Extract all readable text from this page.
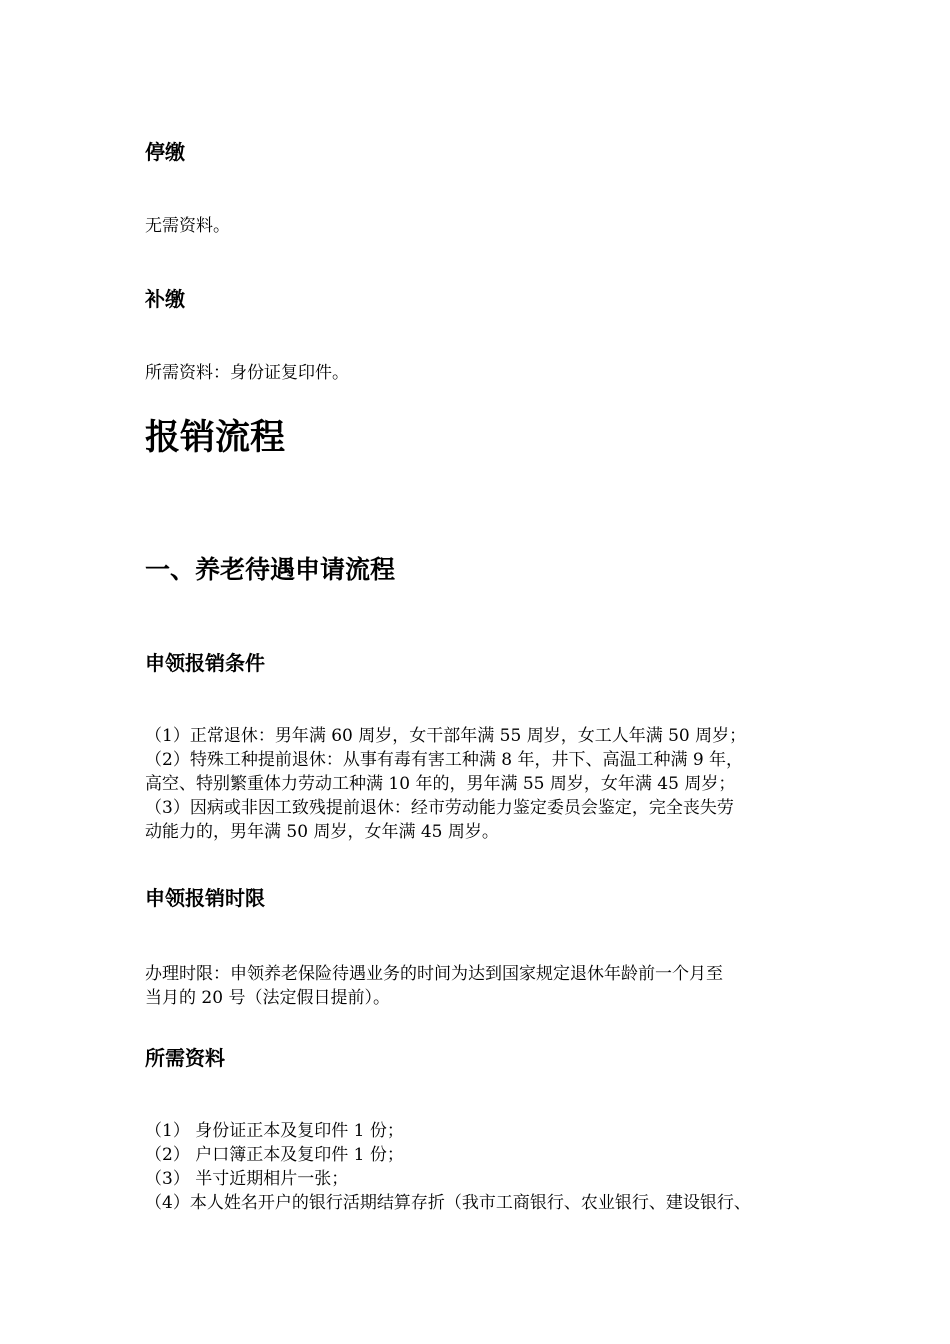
停缴

无需资料。

补缴

所需资料：身份证复印件。

报销流程
一、养老待遇申请流程
申领报销条件
（1）正常退休：男年满 60 周岁，女干部年满 55 周岁，女工人年满 50 周岁；
（2）特殊工种提前退休：从事有毒有害工种满 8 年，井下、高温工种满 9 年，
高空、特别繁重体力劳动工种满 10 年的，男年满 55 周岁，女年满 45 周岁；
（3）因病或非因工致残提前退休：经市劳动能力鉴定委员会鉴定，完全丧失劳
动能力的，男年满 50 周岁，女年满 45 周岁。
申领报销时限
办理时限：申领养老保险待遇业务的时间为达到国家规定退休年龄前一个月至
当月的 20 号（法定假日提前）。
所需资料
（1） 身份证正本及复印件 1 份；
（2） 户口簿正本及复印件 1 份；
（3） 半寸近期相片一张；
（4）本人姓名开户的银行活期结算存折（我市工商银行、农业银行、建设银行、
